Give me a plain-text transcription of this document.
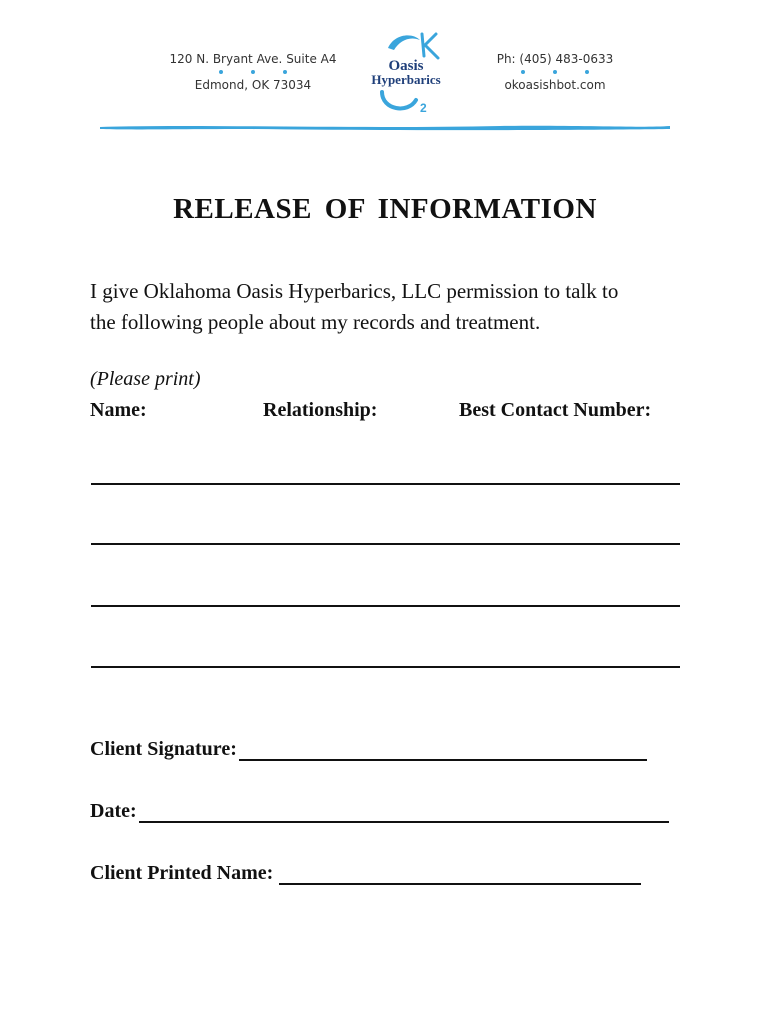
120 N. Bryant Ave. Suite A4
Edmond, OK 73034
Oasis
Hyperbarics
2
Ph: (405) 483-0633
okoasishbot.com
RELEASE OF INFORMATION
I give Oklahoma Oasis Hyperbarics, LLC permission to talk to
the following people about my records and treatment.
(Please print)
Name:	Relationship:	Best Contact Number:
Client Signature:
Date:
Client Printed Name:
